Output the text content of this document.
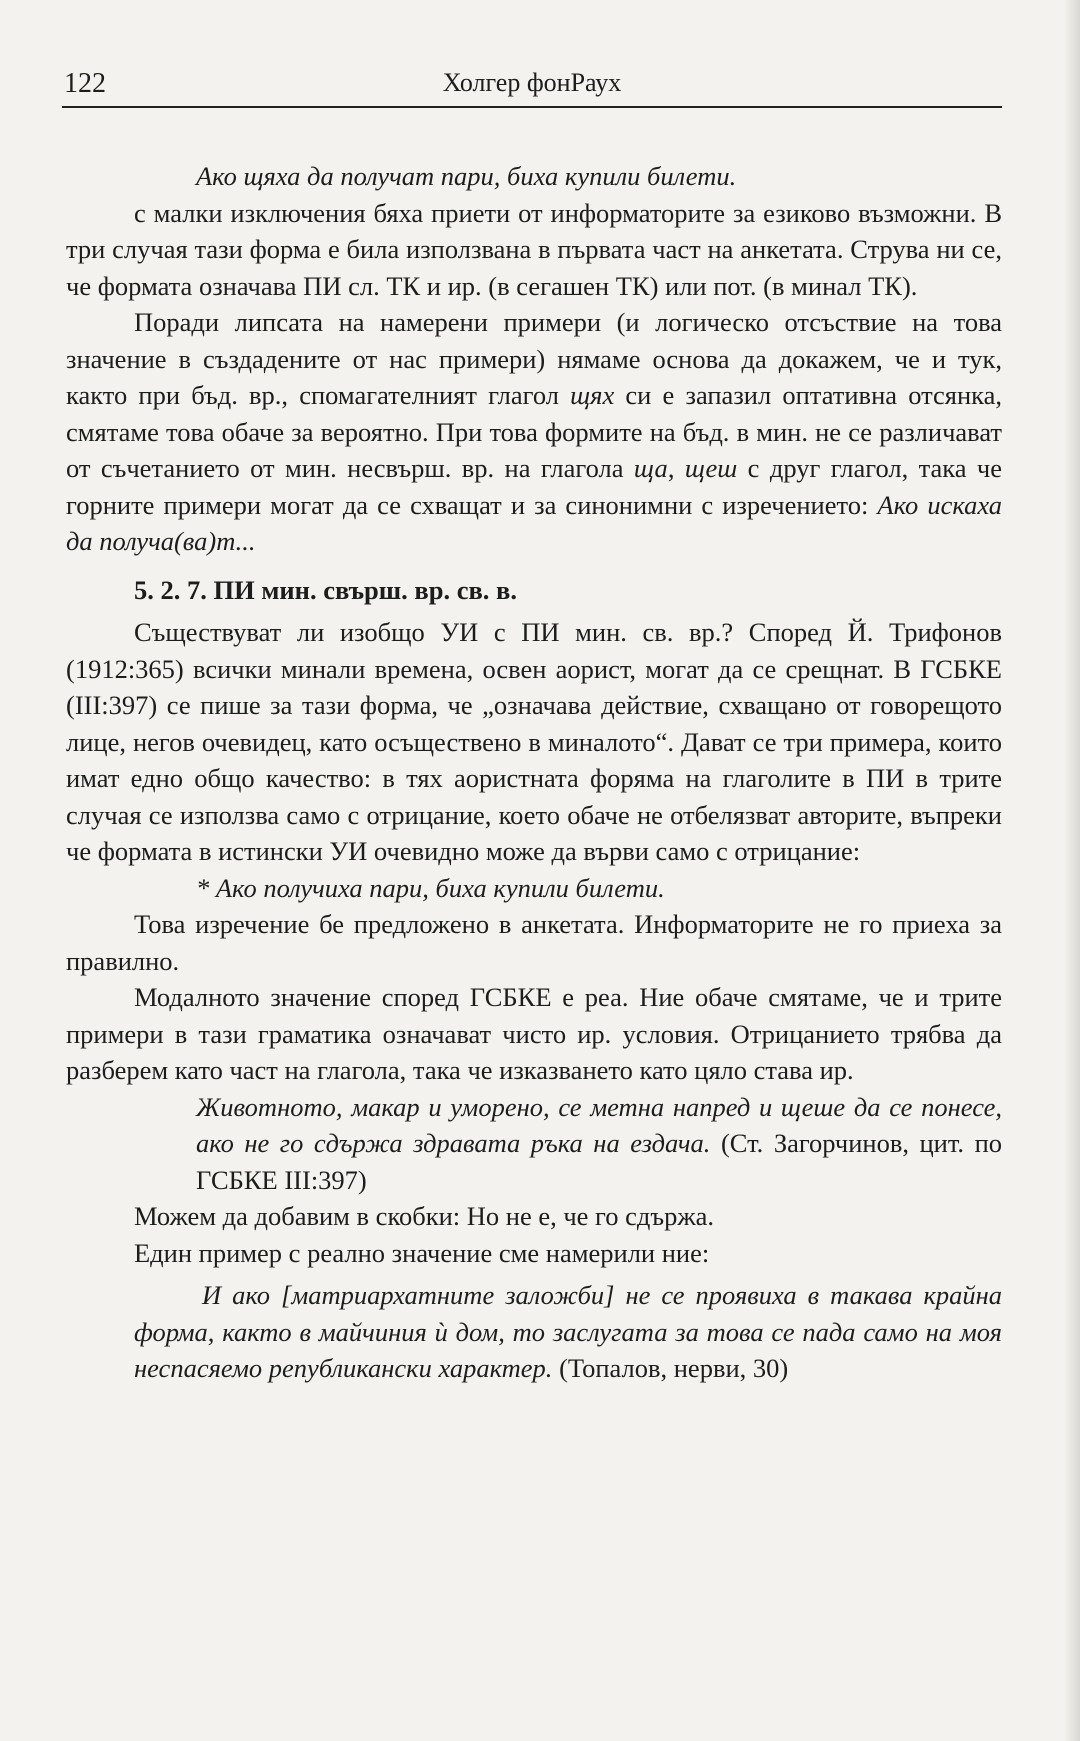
122	Холгер фонРаух

Ако щяха да получат пари, биха купили билети.

с малки изключения бяха приети от информаторите за езиково възможни. В три случая тази форма е била използвана в първата част на анкетата. Струва ни се, че формата означава ПИ сл. ТК и ир. (в сегашен ТК) или пот. (в минал ТК).

Поради липсата на намерени примери (и логическо отсъствие на това значение в създадените от нас примери) нямаме основа да докажем, че и тук, както при бъд. вр., спомагателният глагол щях си е запазил оптативна отсянка, смятаме това обаче за вероятно. При това формите на бъд. в мин. не се различават от съчетанието от мин. несвърш. вр. на глагола ща, щеш с друг глагол, така че горните примери могат да се схващат и за синонимни с изречението: Ако искаха да получа(ва)т...

5. 2. 7. ПИ мин. свърш. вр. св. в.

Съществуват ли изобщо УИ с ПИ мин. св. вр.? Според Й. Трифонов (1912:365) всички минали времена, освен аорист, могат да се срещнат. В ГСБКЕ (III:397) се пише за тази форма, че „означава действие, схващано от говорещото лице, негов очевидец, като осъществено в миналото“. Дават се три примера, които имат едно общо качество: в тях аористната форяма на глаголите в ПИ в трите случая се използва само с отрицание, което обаче не отбелязват авторите, въпреки че формата в истински УИ очевидно може да върви само с отрицание:

* Ако получиха пари, биха купили билети.

Това изречение бе предложено в анкетата. Информаторите не го приеха за правилно.

Модалното значение според ГСБКЕ е реа. Ние обаче смятаме, че и трите примери в тази граматика означават чисто ир. условия. Отрицанието трябва да разберем като част на глагола, така че изказването като цяло става ир.

Животното, макар и уморено, се метна напред и щеше да се понесе, ако не го сдържа здравата ръка на ездача. (Ст. Загорчинов, цит. по ГСБКЕ III:397)

Можем да добавим в скобки: Но не е, че го сдържа.

Един пример с реално значение сме намерили ние:

И ако [матриархатните заложби] не се проявиха в такава крайна форма, както в майчиния ѝ дом, то заслугата за това се пада само на моя неспасяемо републикански характер. (Топалов, нерви, 30)
